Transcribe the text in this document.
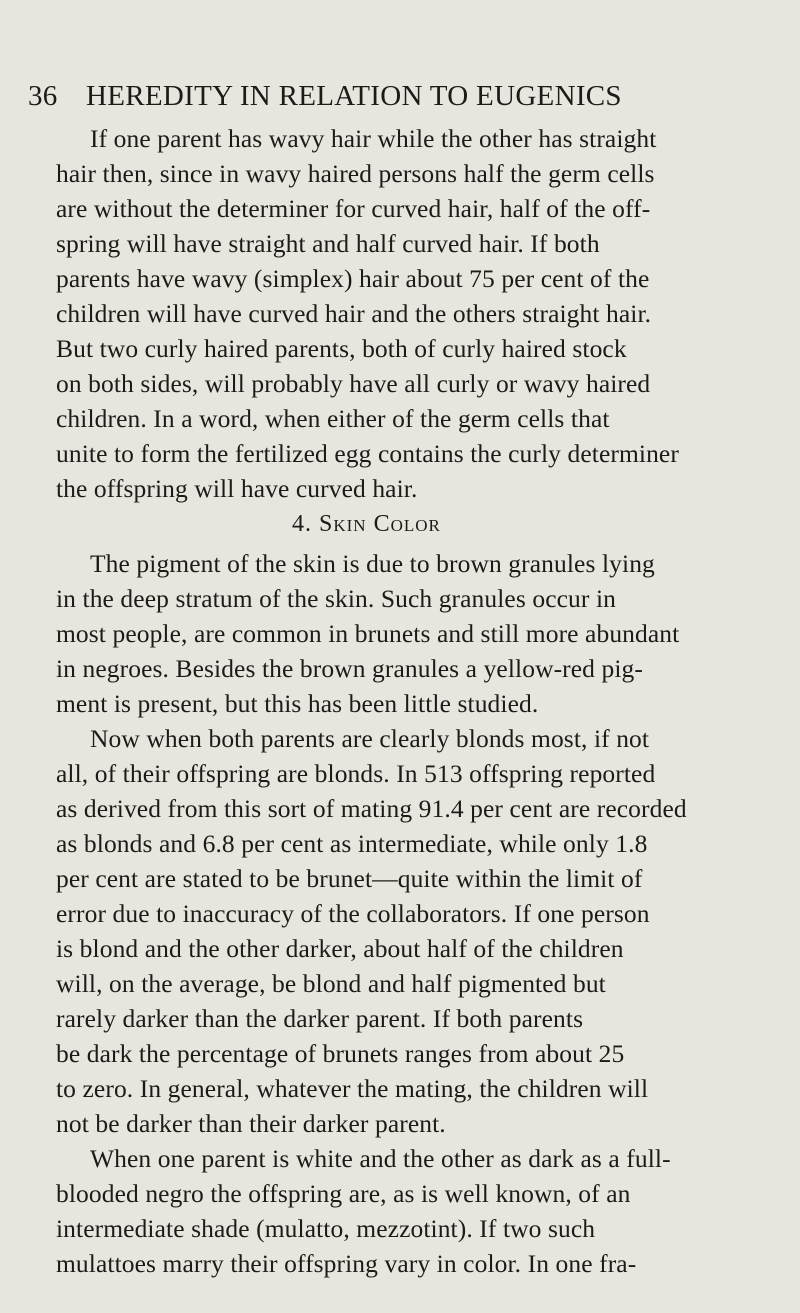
36 HEREDITY IN RELATION TO EUGENICS
If one parent has wavy hair while the other has straight
hair then, since in wavy haired persons half the germ cells
are without the determiner for curved hair, half of the off-
spring will have straight and half curved hair. If both
parents have wavy (simplex) hair about 75 per cent of the
children will have curved hair and the others straight hair.
But two curly haired parents, both of curly haired stock
on both sides, will probably have all curly or wavy haired
children. In a word, when either of the germ cells that
unite to form the fertilized egg contains the curly determiner
the offspring will have curved hair.
4. Skin Color
The pigment of the skin is due to brown granules lying
in the deep stratum of the skin. Such granules occur in
most people, are common in brunets and still more abundant
in negroes. Besides the brown granules a yellow-red pig-
ment is present, but this has been little studied.
Now when both parents are clearly blonds most, if not
all, of their offspring are blonds. In 513 offspring reported
as derived from this sort of mating 91.4 per cent are recorded
as blonds and 6.8 per cent as intermediate, while only 1.8
per cent are stated to be brunet—quite within the limit of
error due to inaccuracy of the collaborators. If one person
is blond and the other darker, about half of the children
will, on the average, be blond and half pigmented but
rarely darker than the darker parent. If both parents
be dark the percentage of brunets ranges from about 25
to zero. In general, whatever the mating, the children will
not be darker than their darker parent.
When one parent is white and the other as dark as a full-
blooded negro the offspring are, as is well known, of an
intermediate shade (mulatto, mezzotint). If two such
mulattoes marry their offspring vary in color. In one fra-
